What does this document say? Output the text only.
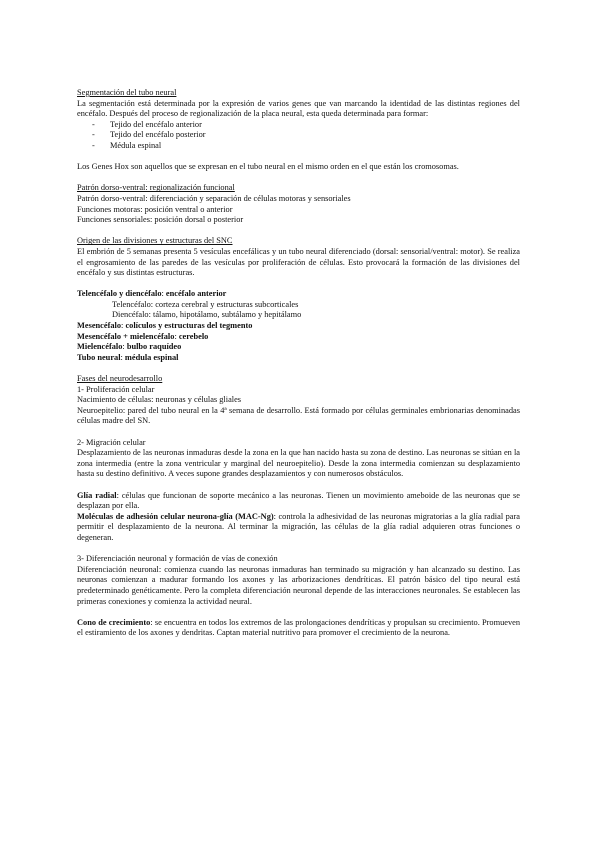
Segmentación del tubo neural

La segmentación está determinada por la expresión de varios genes que van marcando la identidad de las distintas regiones del encéfalo. Después del proceso de regionalización de la placa neural, esta queda determinada para formar:

- Tejido del encéfalo anterior
- Tejido del encéfalo posterior
- Médula espinal

Los Genes Hox son aquellos que se expresan en el tubo neural en el mismo orden en el que están los cromosomas.

Patrón dorso-ventral: regionalización funcional

Patrón dorso-ventral: diferenciación y separación de células motoras y sensoriales

Funciones motoras: posición ventral o anterior

Funciones sensoriales: posición dorsal o posterior

Origen de las divisiones y estructuras del SNC

El embrión de 5 semanas presenta 5 vesículas encefálicas y un tubo neural diferenciado (dorsal: sensorial/ventral: motor). Se realiza el engrosamiento de las paredes de las vesículas por proliferación de células. Esto provocará la formación de las divisiones del encéfalo y sus distintas estructuras.

Telencéfalo y diencéfalo: encéfalo anterior

Telencéfalo: corteza cerebral y estructuras subcorticales

Diencéfalo: tálamo, hipotálamo, subtálamo y hepitálamo

Mesencéfalo: colículos y estructuras del tegmento

Mesencéfalo + mielencéfalo: cerebelo

Mielencéfalo: bulbo raquídeo

Tubo neural: médula espinal

Fases del neurodesarrollo

1- Proliferación celular

Nacimiento de células: neuronas y células gliales

Neuroepitelio: pared del tubo neural en la 4ª semana de desarrollo. Está formado por células germinales embrionarias denominadas células madre del SN.

2- Migración celular

Desplazamiento de las neuronas inmaduras desde la zona en la que han nacido hasta su zona de destino. Las neuronas se sitúan en la zona intermedia (entre la zona ventricular y marginal del neuroepitelio). Desde la zona intermedia comienzan su desplazamiento hasta su destino definitivo. A veces supone grandes desplazamientos y con numerosos obstáculos.

Glía radial: células que funcionan de soporte mecánico a las neuronas. Tienen un movimiento ameboide de las neuronas que se desplazan por ella.

Moléculas de adhesión celular neurona-glía (MAC-Ng): controla la adhesividad de las neuronas migratorias a la glía radial para permitir el desplazamiento de la neurona. Al terminar la migración, las células de la glía radial adquieren otras funciones o degeneran.

3- Diferenciación neuronal y formación de vías de conexión

Diferenciación neuronal: comienza cuando las neuronas inmaduras han terminado su migración y han alcanzado su destino. Las neuronas comienzan a madurar formando los axones y las arborizaciones dendríticas. El patrón básico del tipo neural está predeterminado genéticamente. Pero la completa diferenciación neuronal depende de las interacciones neuronales. Se establecen las primeras conexiones y comienza la actividad neural.

Cono de crecimiento: se encuentra en todos los extremos de las prolongaciones dendríticas y propulsan su crecimiento. Promueven el estiramiento de los axones y dendritas. Captan material nutritivo para promover el crecimiento de la neurona.
